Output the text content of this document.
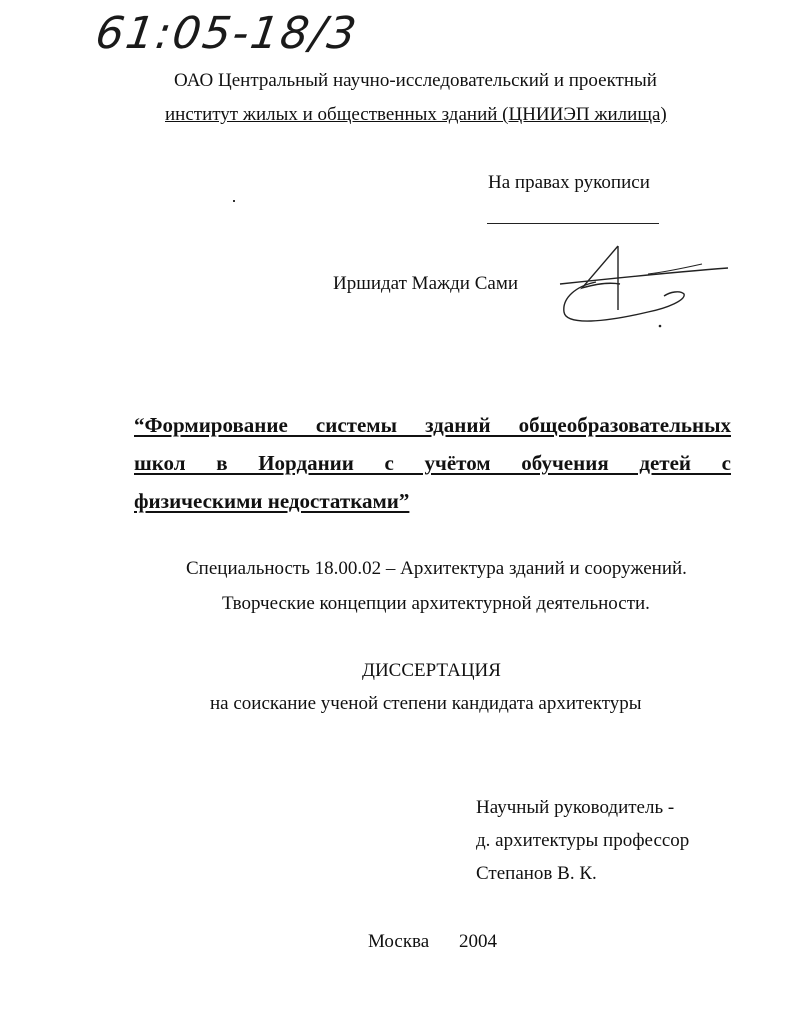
61:05-18/3
ОАО Центральный научно-исследовательский и проектный
институт жилых и общественных зданий (ЦНИИЭП жилища)
На правах рукописи
Иршидат Мажди Сами
“Формирование системы зданий общеобразовательных
школ в Иордании с учётом обучения детей с
физическими недостатками”
Специальность 18.00.02 – Архитектура зданий и сооружений.
Творческие концепции архитектурной деятельности.
ДИССЕРТАЦИЯ
на соискание ученой степени кандидата архитектуры
Научный руководитель -
д. архитектуры профессор
Степанов В. К.
Москва 2004
